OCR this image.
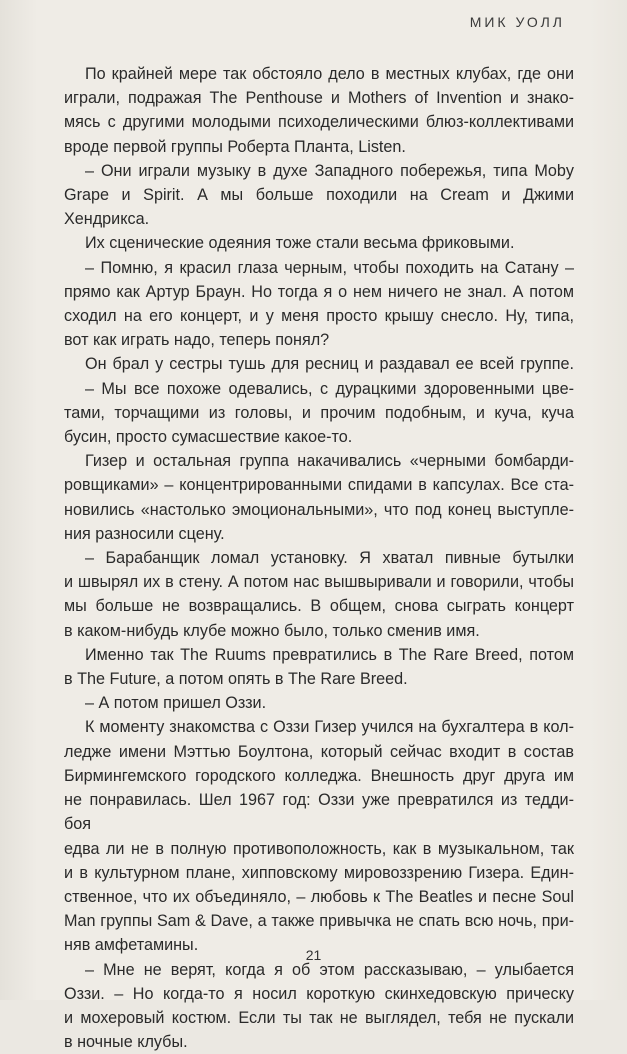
МИК УОЛЛ

По крайней мере так обстояло дело в местных клубах, где они

играли, подражая The Penthouse и Mothers of Invention и знако-

мясь с другими молодыми психоделическими блюз-коллективами

вроде первой группы Роберта Планта, Listen.

– Они играли музыку в духе Западного побережья, типа Moby

Grape и Spirit. А мы больше походили на Cream и Джими Хендрикса.

Их сценические одеяния тоже стали весьма фриковыми.

– Помню, я красил глаза черным, чтобы походить на Сатану –

прямо как Артур Браун. Но тогда я о нем ничего не знал. А потом

сходил на его концерт, и у меня просто крышу снесло. Ну, типа,

вот как играть надо, теперь понял?

Он брал у сестры тушь для ресниц и раздавал ее всей группе.

– Мы все похоже одевались, с дурацкими здоровенными цве-

тами, торчащими из головы, и прочим подобным, и куча, куча

бусин, просто сумасшествие какое-то.

Гизер и остальная группа накачивались «черными бомбарди-

ровщиками» – концентрированными спидами в капсулах. Все ста-

новились «настолько эмоциональными», что под конец выступле-

ния разносили сцену.

– Барабанщик ломал установку. Я хватал пивные бутылки

и швырял их в стену. А потом нас вышвыривали и говорили, чтобы

мы больше не возвращались. В общем, снова сыграть концерт

в каком-нибудь клубе можно было, только сменив имя.

Именно так The Ruums превратились в The Rare Breed, потом

в The Future, а потом опять в The Rare Breed.

– А потом пришел Оззи.

К моменту знакомства с Оззи Гизер учился на бухгалтера в кол-

ледже имени Мэттью Боултона, который сейчас входит в состав

Бирмингемского городского колледжа. Внешность друг друга им

не понравилась. Шел 1967 год: Оззи уже превратился из тедди-боя

едва ли не в полную противоположность, как в музыкальном, так

и в культурном плане, хипповскому мировоззрению Гизера. Един-

ственное, что их объединяло, – любовь к The Beatles и песне Soul

Man группы Sam & Dave, а также привычка не спать всю ночь, при-

няв амфетамины.

– Мне не верят, когда я об этом рассказываю, – улыбается

Оззи. – Но когда-то я носил короткую скинхедовскую прическу

и мохеровый костюм. Если ты так не выглядел, тебя не пускали

в ночные клубы.

21
